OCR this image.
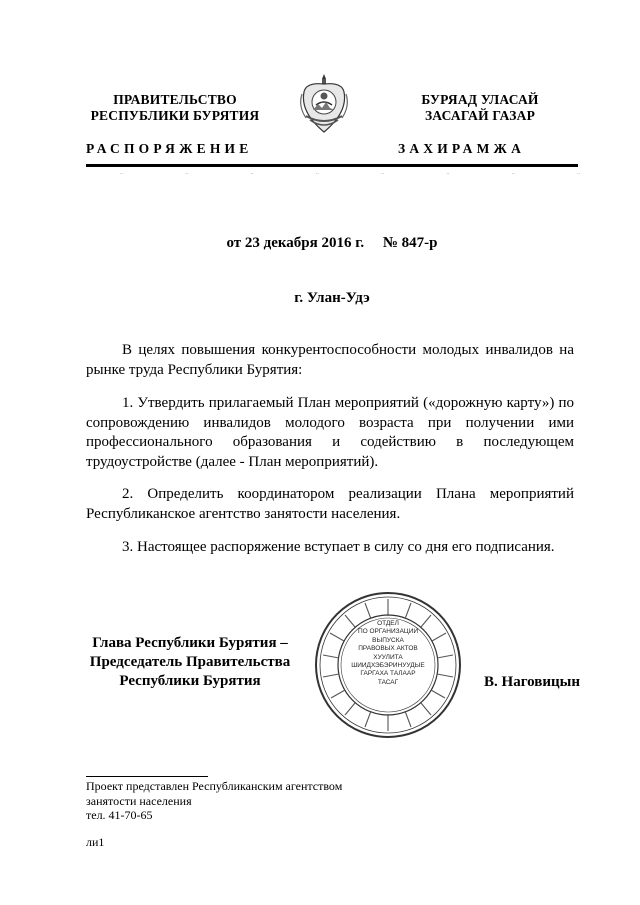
ПРАВИТЕЛЬСТВО
РЕСПУБЛИКИ БУРЯТИЯ
БУРЯАД УЛАСАЙ
ЗАСАГАЙ ГАЗАР
РАСПОРЯЖЕНИЕ	ЗАХИРАМЖА
..	..	..	..	..	..	..	..
от 23 декабря 2016 г.     № 847-р
г. Улан-Удэ

В целях повышения конкурентоспособности молодых инвалидов на рынке труда Республики Бурятия:

1. Утвердить прилагаемый План мероприятий («дорожную карту») по сопровождению инвалидов молодого возраста при получении ими профессионального образования и содействию в последующем трудоустройстве (далее - План мероприятий).

2. Определить координатором реализации Плана мероприятий Республиканское агентство занятости населения.

3. Настоящее распоряжение вступает в силу со дня его подписания.

Глава Республики Бурятия –
Председатель Правительства
Республики Бурятия
ОТДЕЛ
ПО ОРГАНИЗАЦИИ
ВЫПУСКА
ПРАВОВЫХ АКТОВ
ХУУЛИТА
ШИИДХЭБЭРИНУУДЫЕ
ГАРГАХА ТАЛААР
ТАСАГ	В. Наговицын
Проект представлен Республиканским агентством
занятости населения
тел. 41-70-65
ли1
